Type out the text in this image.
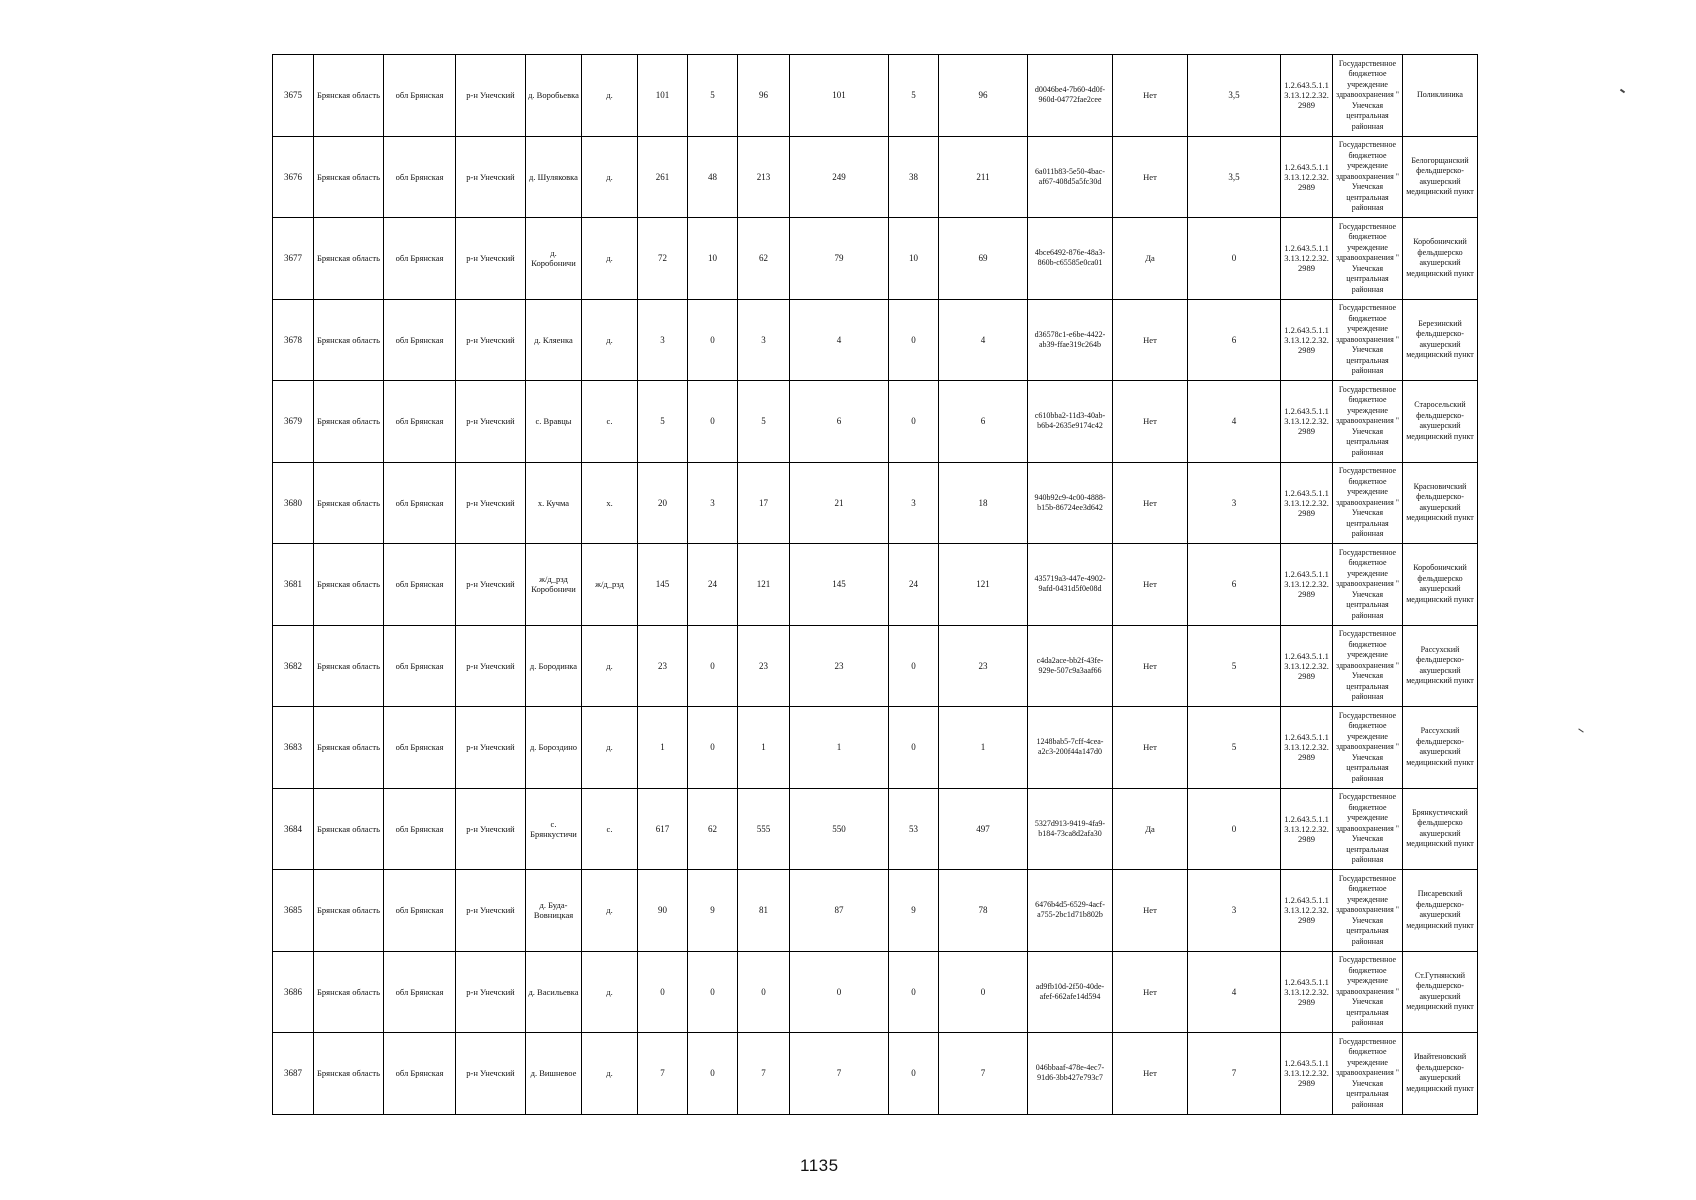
3675	Брянская область	обл Брянская	р-н Унечский	д. Воробьевка	д.	101	5	96	101	5	96	d0046be4-7b60-4d0f-960d-04772fae2cee	Нет	3,5	1.2.643.5.1.13.13.12.2.32.2989	Государственное бюджетное учреждение здравоохранения " Унечская центральная районная	Поликлиника
3676	Брянская область	обл Брянская	р-н Унечский	д. Шуляковка	д.	261	48	213	249	38	211	6a011b83-5e50-4bac-af67-408d5a5fc30d	Нет	3,5	1.2.643.5.1.13.13.12.2.32.2989	Государственное бюджетное учреждение здравоохранения " Унечская центральная районная	Белогорщанский фельдшерско-акушерский медицинский пункт
3677	Брянская область	обл Брянская	р-н Унечский	д. Коробоничи	д.	72	10	62	79	10	69	4bce6492-876e-48a3-860b-c65585e0ca01	Да	0	1.2.643.5.1.13.13.12.2.32.2989	Государственное бюджетное учреждение здравоохранения " Унечская центральная районная	Коробоничский фельдшерско акушерский медицинский пункт
3678	Брянская область	обл Брянская	р-н Унечский	д. Кляенка	д.	3	0	3	4	0	4	d36578c1-e6be-4422-ab39-ffae319c264b	Нет	6	1.2.643.5.1.13.13.12.2.32.2989	Государственное бюджетное учреждение здравоохранения " Унечская центральная районная	Березинский фельдшерско-акушерский медицинский пункт
3679	Брянская область	обл Брянская	р-н Унечский	с. Вравцы	с.	5	0	5	6	0	6	c610bba2-11d3-40ab-b6b4-2635e9174c42	Нет	4	1.2.643.5.1.13.13.12.2.32.2989	Государственное бюджетное учреждение здравоохранения " Унечская центральная районная	Старосельский фельдшерско-акушерский медицинский пункт
3680	Брянская область	обл Брянская	р-н Унечский	х. Кучма	х.	20	3	17	21	3	18	940b92c9-4c00-4888-b15b-86724ee3d642	Нет	3	1.2.643.5.1.13.13.12.2.32.2989	Государственное бюджетное учреждение здравоохранения " Унечская центральная районная	Красновичский фельдшерско-акушерский медицинский пункт
3681	Брянская область	обл Брянская	р-н Унечский	ж/д_рзд Коробоничи	ж/д_рзд	145	24	121	145	24	121	435719a3-447e-4902-9afd-0431d5f0e08d	Нет	6	1.2.643.5.1.13.13.12.2.32.2989	Государственное бюджетное учреждение здравоохранения " Унечская центральная районная	Коробоничский фельдшерско акушерский медицинский пункт
3682	Брянская область	обл Брянская	р-н Унечский	д. Бородинка	д.	23	0	23	23	0	23	c4da2ace-bb2f-43fe-929e-507c9a3aaf66	Нет	5	1.2.643.5.1.13.13.12.2.32.2989	Государственное бюджетное учреждение здравоохранения " Унечская центральная районная	Рассухский фельдшерско-акушерский медицинский пункт
3683	Брянская область	обл Брянская	р-н Унечский	д. Бороздино	д.	1	0	1	1	0	1	1248bab5-7cff-4cea-a2c3-200f44a147d0	Нет	5	1.2.643.5.1.13.13.12.2.32.2989	Государственное бюджетное учреждение здравоохранения " Унечская центральная районная	Рассухский фельдшерско-акушерский медицинский пункт
3684	Брянская область	обл Брянская	р-н Унечский	с. Брянкустичи	с.	617	62	555	550	53	497	5327d913-9419-4fa9-b184-73ca8d2afa30	Да	0	1.2.643.5.1.13.13.12.2.32.2989	Государственное бюджетное учреждение здравоохранения " Унечская центральная районная	Брянкустичский фельдшерско акушерский медицинский пункт
3685	Брянская область	обл Брянская	р-н Унечский	д. Буда-Вовницкая	д.	90	9	81	87	9	78	6476b4d5-6529-4acf-a755-2bc1d71b802b	Нет	3	1.2.643.5.1.13.13.12.2.32.2989	Государственное бюджетное учреждение здравоохранения " Унечская центральная районная	Писаревский фельдшерско-акушерский медицинский пункт
3686	Брянская область	обл Брянская	р-н Унечский	д. Васильевка	д.	0	0	0	0	0	0	ad9fb10d-2f50-40de-afef-662afe14d594	Нет	4	1.2.643.5.1.13.13.12.2.32.2989	Государственное бюджетное учреждение здравоохранения " Унечская центральная районная	Ст.Гутнянский фельдшерско-акушерский медицинский пункт
3687	Брянская область	обл Брянская	р-н Унечский	д. Вишневое	д.	7	0	7	7	0	7	046bbaaf-478e-4ec7-91d6-3bb427e793c7	Нет	7	1.2.643.5.1.13.13.12.2.32.2989	Государственное бюджетное учреждение здравоохранения " Унечская центральная районная	Ивайтеновский фельдшерско-акушерский медицинский пункт
1135
